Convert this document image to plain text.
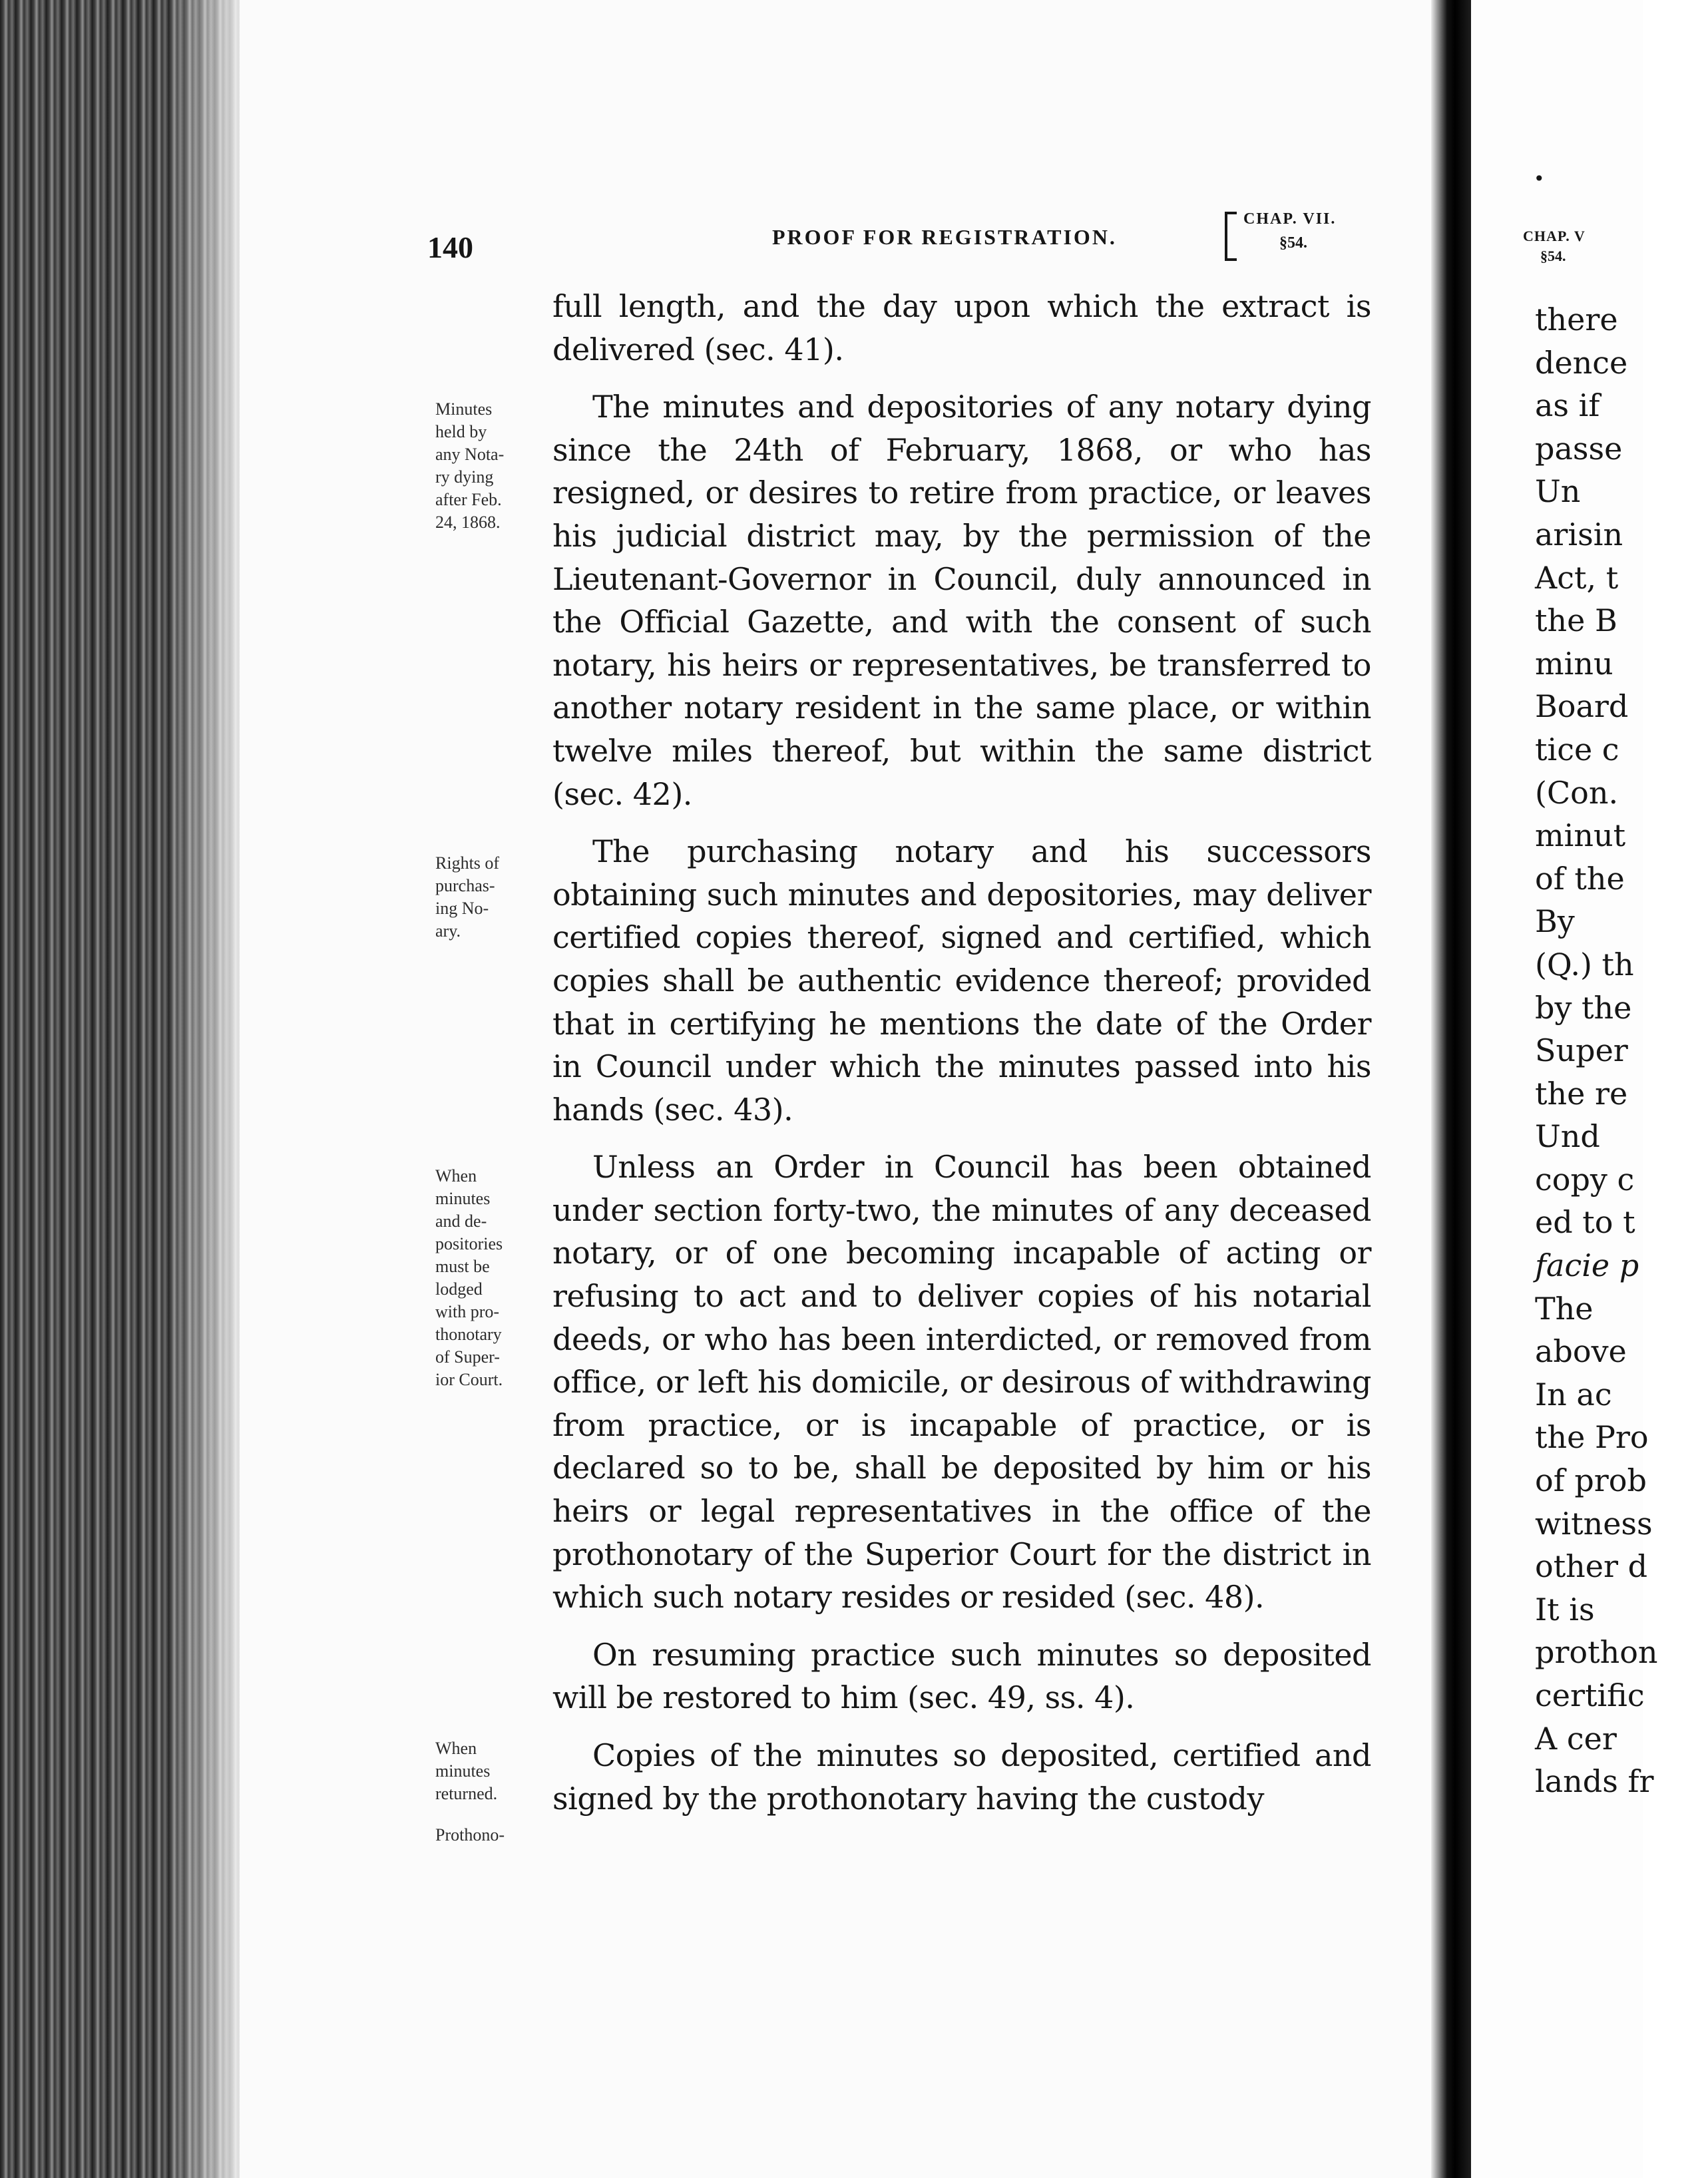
140	PROOF FOR REGISTRATION.
CHAP. VII.
§54.
Minutes
held by
any Nota-
ry dying
after Feb.
24, 1868.
Rights of
purchas-
ing No-
ary.
When
minutes
and de-
positories
must be
lodged
with pro-
thonotary
of Super-
ior Court.
When
minutes
returned.
Prothono-

full length, and the day upon which the extract is delivered (sec. 41).

The minutes and depositories of any notary dying since the 24th of February, 1868, or who has resigned, or desires to retire from practice, or leaves his judicial district may, by the permission of the Lieutenant-Governor in Council, duly announced in the Official Gazette, and with the consent of such notary, his heirs or representatives, be transferred to another notary resident in the same place, or within twelve miles thereof, but within the same district (sec. 42).

The purchasing notary and his successors obtaining such minutes and depositories, may deliver certified copies thereof, signed and certified, which copies shall be authentic evidence thereof; provided that in certifying he mentions the date of the Order in Council under which the minutes passed into his hands (sec. 43).

Unless an Order in Council has been obtained under section forty-two, the minutes of any deceased notary, or of one becoming incapable of acting or refusing to act and to deliver copies of his notarial deeds, or who has been interdicted, or removed from office, or left his domicile, or desirous of withdrawing from practice, or is incapable of practice, or is declared so to be, shall be deposited by him or his heirs or legal representatives in the office of the prothonotary of the Superior Court for the district in which such notary resides or resided (sec. 48).

On resuming practice such minutes so deposited will be restored to him (sec. 49, ss. 4).

Copies of the minutes so deposited, certified and signed by the prothonotary having the custody

•
CHAP. V
§54.
there
dence
as if
passe
Un
arisin
Act, t
the B
minu
Board
tice c
(Con.
minut
of the
By
(Q.) th
by the
Super
the re
Und
copy c
ed to t
facie p
The
above
In ac
the Pro
of prob
witness
other d
It is
prothon
certific
A cer
lands fr
